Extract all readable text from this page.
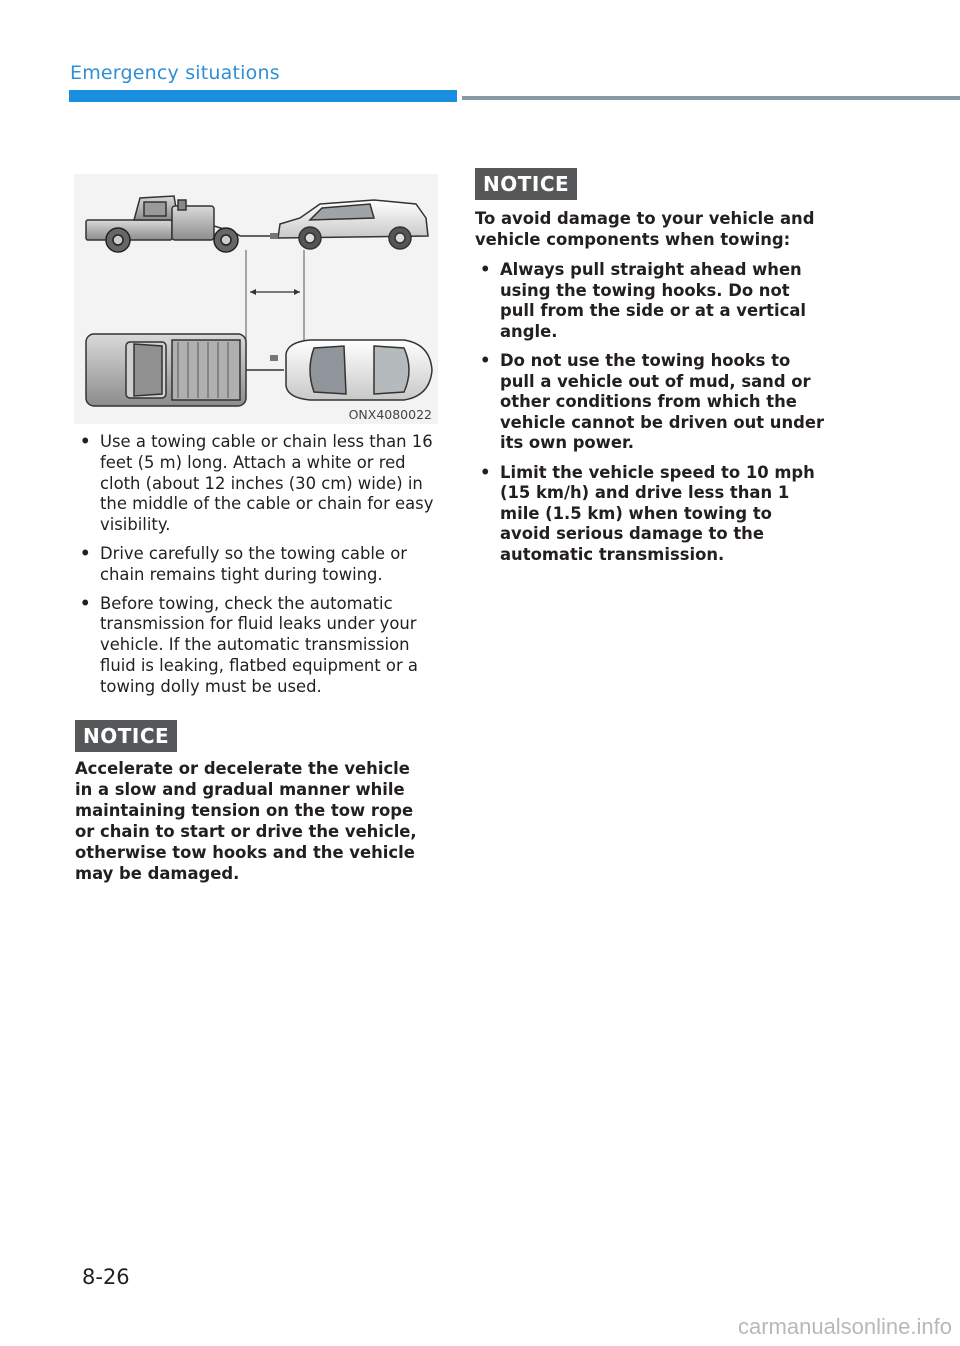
Emergency situations
ONX4080022
• Use a towing cable or chain less than 16 feet (5 m) long. Attach a white or red cloth (about 12 inches (30 cm) wide) in the middle of the cable or chain for easy visibility.
• Drive carefully so the towing cable or chain remains tight during towing.
• Before towing, check the automatic transmission for fluid leaks under your vehicle. If the automatic transmission fluid is leaking, flatbed equipment or a towing dolly must be used.
NOTICE
Accelerate or decelerate the vehicle in a slow and gradual manner while maintaining tension on the tow rope or chain to start or drive the vehicle, otherwise tow hooks and the vehicle may be damaged.
NOTICE
To avoid damage to your vehicle and vehicle components when towing:
• Always pull straight ahead when using the towing hooks. Do not pull from the side or at a vertical angle.
• Do not use the towing hooks to pull a vehicle out of mud, sand or other conditions from which the vehicle cannot be driven out under its own power.
• Limit the vehicle speed to 10 mph (15 km/h) and drive less than 1 mile (1.5 km) when towing to avoid serious damage to the automatic transmission.
8-26
carmanualsonline.info
